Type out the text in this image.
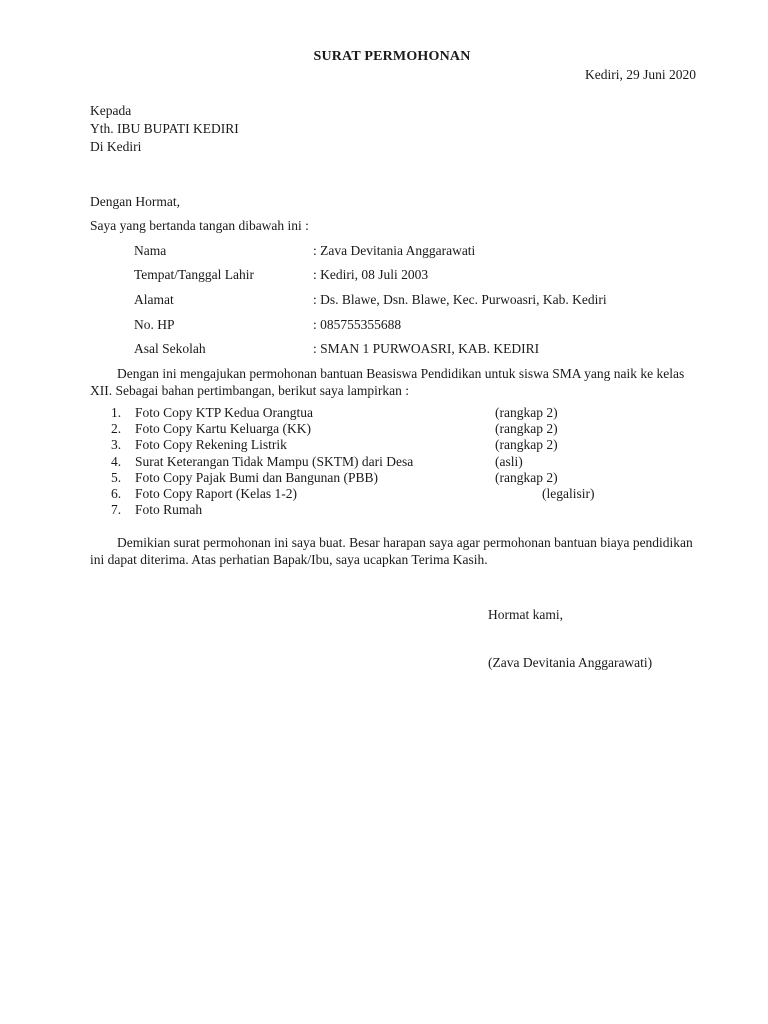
SURAT PERMOHONAN
Kediri, 29 Juni 2020
Kepada
Yth. IBU BUPATI KEDIRI
Di Kediri
Dengan Hormat,
Saya yang bertanda tangan dibawah ini :
Nama	: Zava Devitania Anggarawati
Tempat/Tanggal Lahir	: Kediri, 08 Juli 2003
Alamat	: Ds. Blawe, Dsn. Blawe, Kec. Purwoasri, Kab. Kediri
No. HP	: 085755355688
Asal Sekolah	: SMAN 1 PURWOASRI, KAB. KEDIRI
Dengan ini mengajukan permohonan bantuan Beasiswa Pendidikan untuk siswa SMA yang naik ke kelas XII. Sebagai bahan pertimbangan, berikut saya lampirkan :
1. Foto Copy KTP Kedua Orangtua	(rangkap 2)
2. Foto Copy Kartu Keluarga (KK)	(rangkap 2)
3. Foto Copy Rekening Listrik	(rangkap 2)
4. Surat Keterangan Tidak Mampu (SKTM) dari Desa	(asli)
5. Foto Copy Pajak Bumi dan Bangunan (PBB)	(rangkap 2)
6. Foto Copy Raport (Kelas 1-2)	(legalisir)
7. Foto Rumah
Demikian surat permohonan ini saya buat. Besar harapan saya agar permohonan bantuan biaya pendidikan ini dapat diterima. Atas perhatian Bapak/Ibu, saya ucapkan Terima Kasih.
Hormat kami,
(Zava Devitania Anggarawati)
